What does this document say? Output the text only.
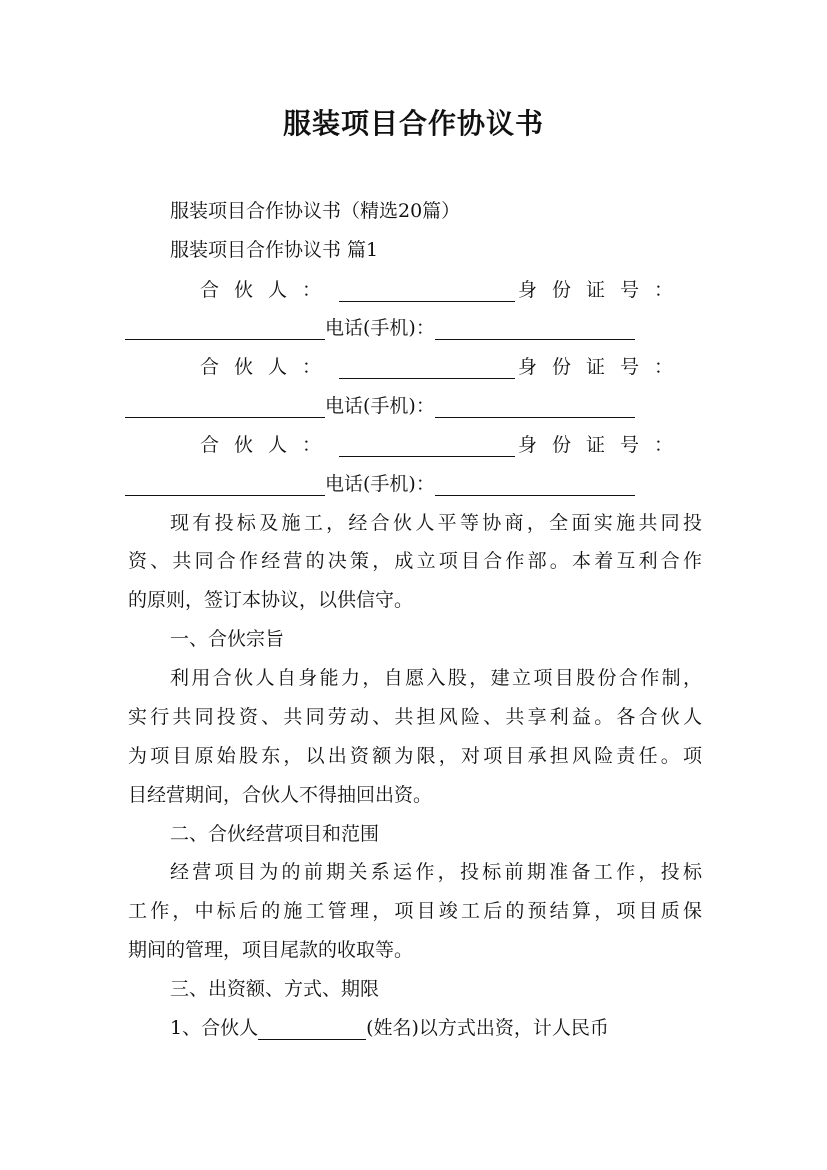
服装项目合作协议书
服装项目合作协议书（精选20篇）
服装项目合作协议书 篇1
合伙人：	身份证号：
电话(手机)：
合伙人：	身份证号：
电话(手机)：
合伙人：	身份证号：
电话(手机)：
现有投标及施工，经合伙人平等协商，全面实施共同投
资、共同合作经营的决策，成立项目合作部。本着互利合作
的原则，签订本协议，以供信守。
一、合伙宗旨
利用合伙人自身能力，自愿入股，建立项目股份合作制，
实行共同投资、共同劳动、共担风险、共享利益。各合伙人
为项目原始股东，以出资额为限，对项目承担风险责任。项
目经营期间，合伙人不得抽回出资。
二、合伙经营项目和范围
经营项目为的前期关系运作，投标前期准备工作，投标
工作，中标后的施工管理，项目竣工后的预结算，项目质保
期间的管理，项目尾款的收取等。
三、出资额、方式、期限
1、合伙人	(姓名)以方式出资，计人民币
